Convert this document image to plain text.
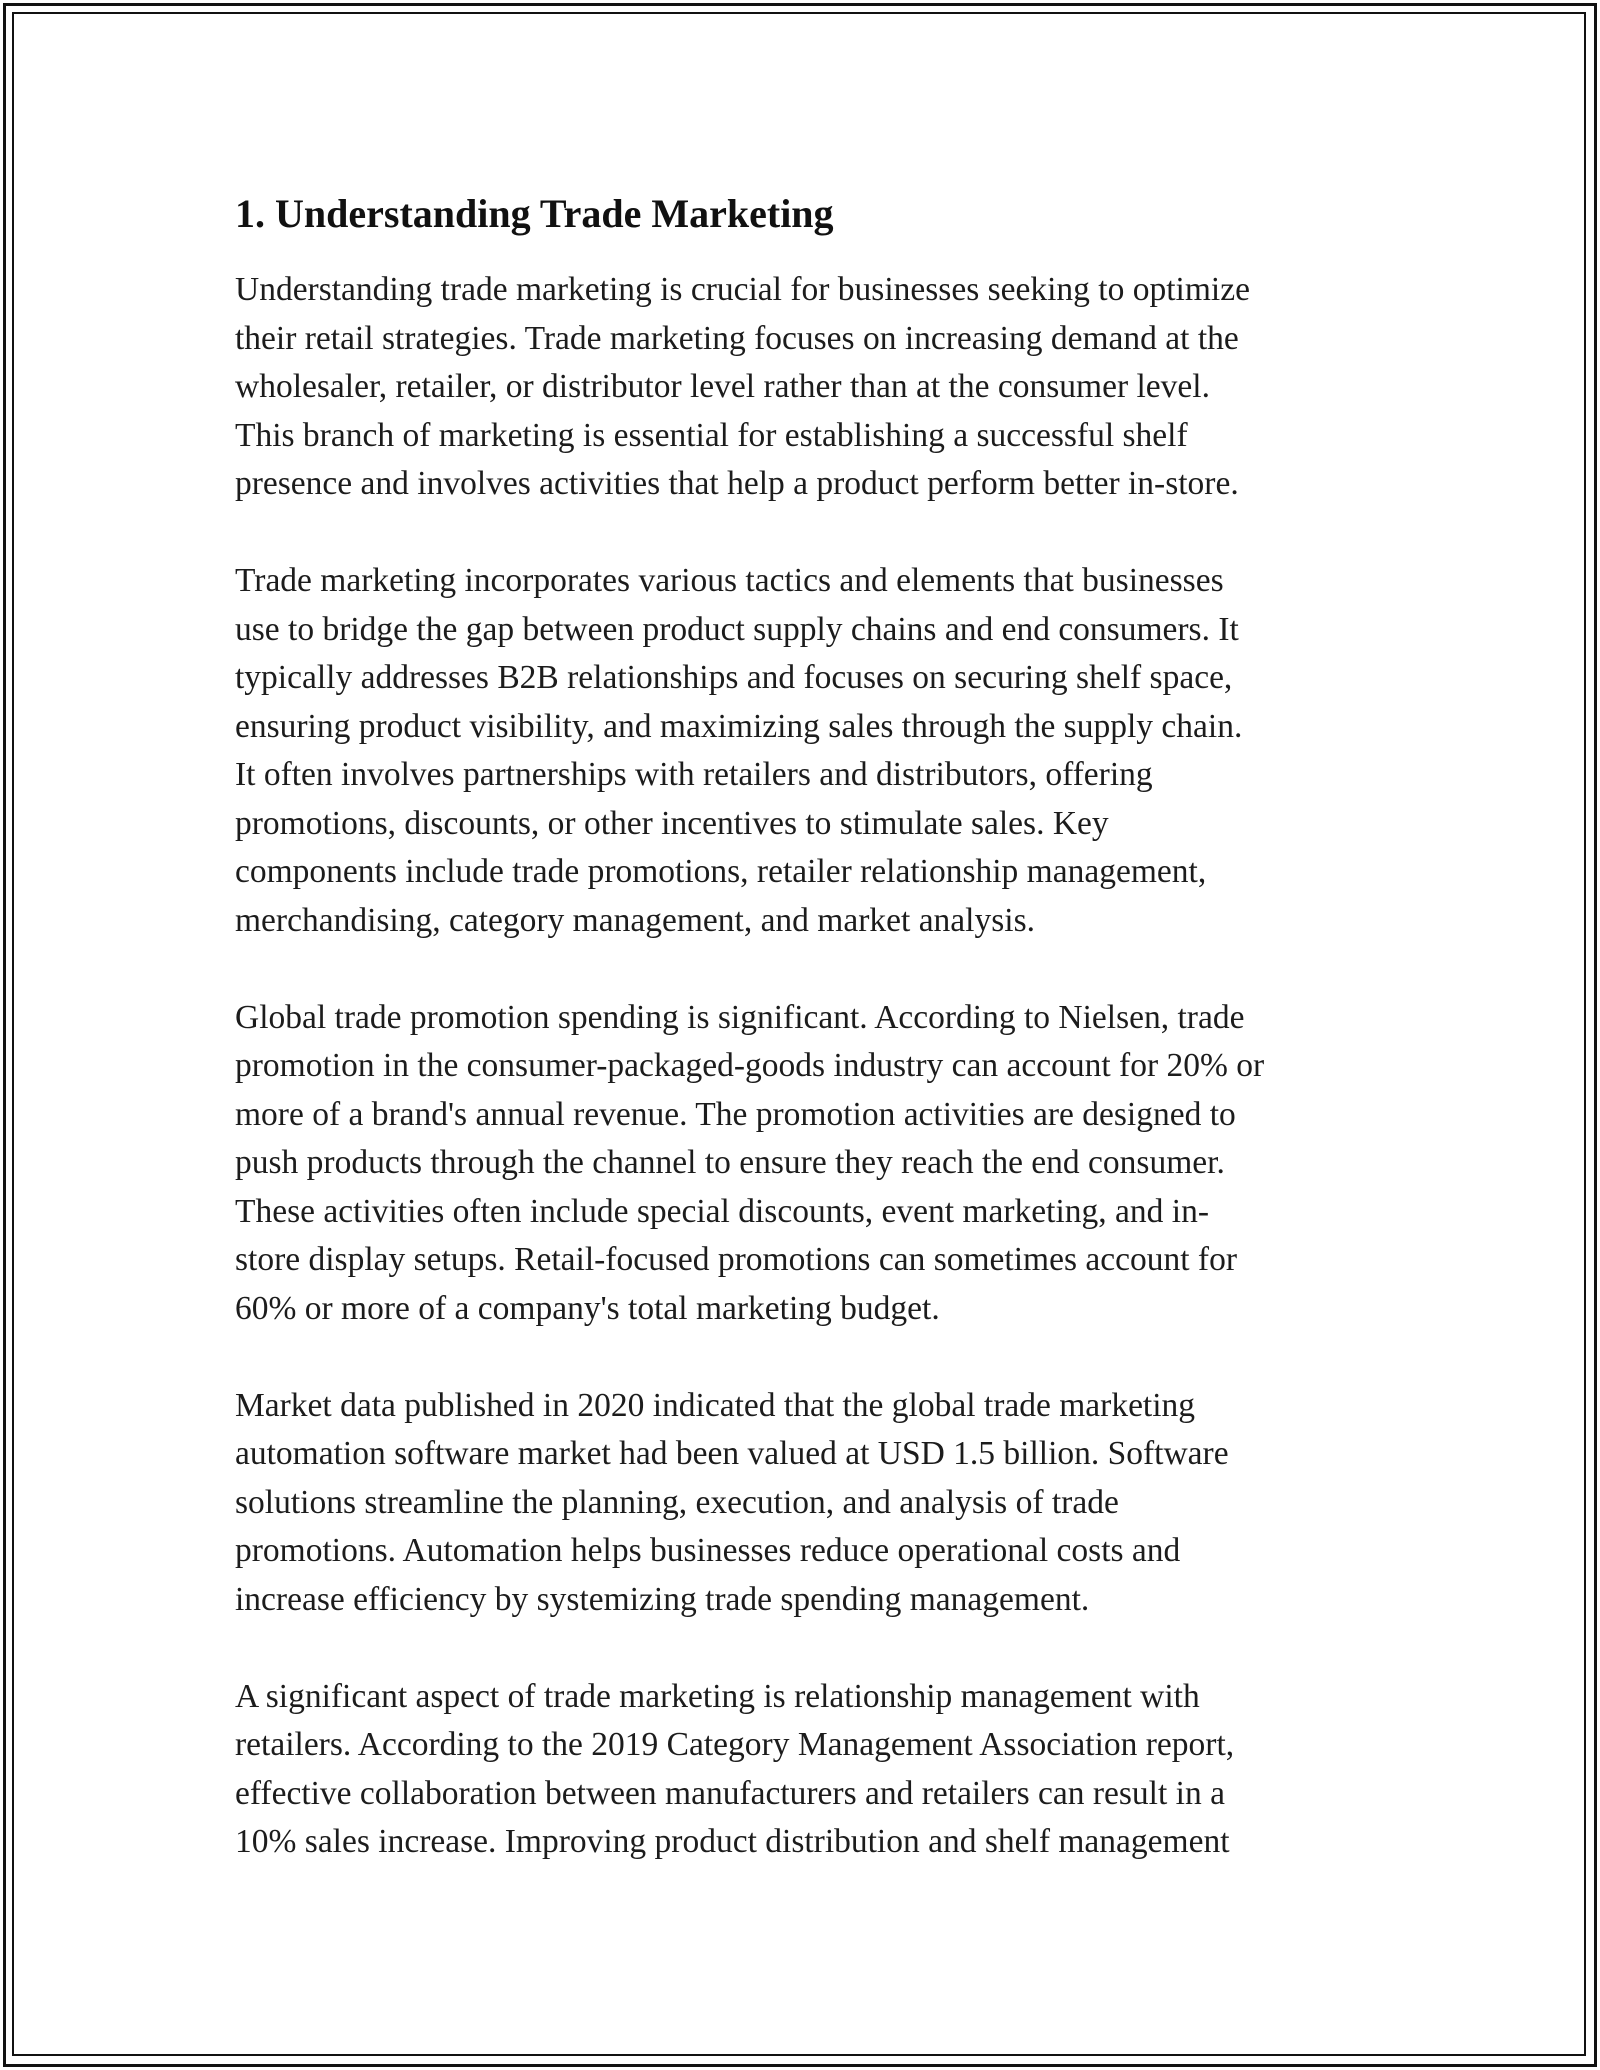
1. Understanding Trade Marketing

Understanding trade marketing is crucial for businesses seeking to optimize
their retail strategies. Trade marketing focuses on increasing demand at the
wholesaler, retailer, or distributor level rather than at the consumer level.
This branch of marketing is essential for establishing a successful shelf
presence and involves activities that help a product perform better in-store.

Trade marketing incorporates various tactics and elements that businesses
use to bridge the gap between product supply chains and end consumers. It
typically addresses B2B relationships and focuses on securing shelf space,
ensuring product visibility, and maximizing sales through the supply chain.
It often involves partnerships with retailers and distributors, offering
promotions, discounts, or other incentives to stimulate sales. Key
components include trade promotions, retailer relationship management,
merchandising, category management, and market analysis.

Global trade promotion spending is significant. According to Nielsen, trade
promotion in the consumer-packaged-goods industry can account for 20% or
more of a brand's annual revenue. The promotion activities are designed to
push products through the channel to ensure they reach the end consumer.
These activities often include special discounts, event marketing, and in-
store display setups. Retail-focused promotions can sometimes account for
60% or more of a company's total marketing budget.

Market data published in 2020 indicated that the global trade marketing
automation software market had been valued at USD 1.5 billion. Software
solutions streamline the planning, execution, and analysis of trade
promotions. Automation helps businesses reduce operational costs and
increase efficiency by systemizing trade spending management.

A significant aspect of trade marketing is relationship management with
retailers. According to the 2019 Category Management Association report,
effective collaboration between manufacturers and retailers can result in a
10% sales increase. Improving product distribution and shelf management
